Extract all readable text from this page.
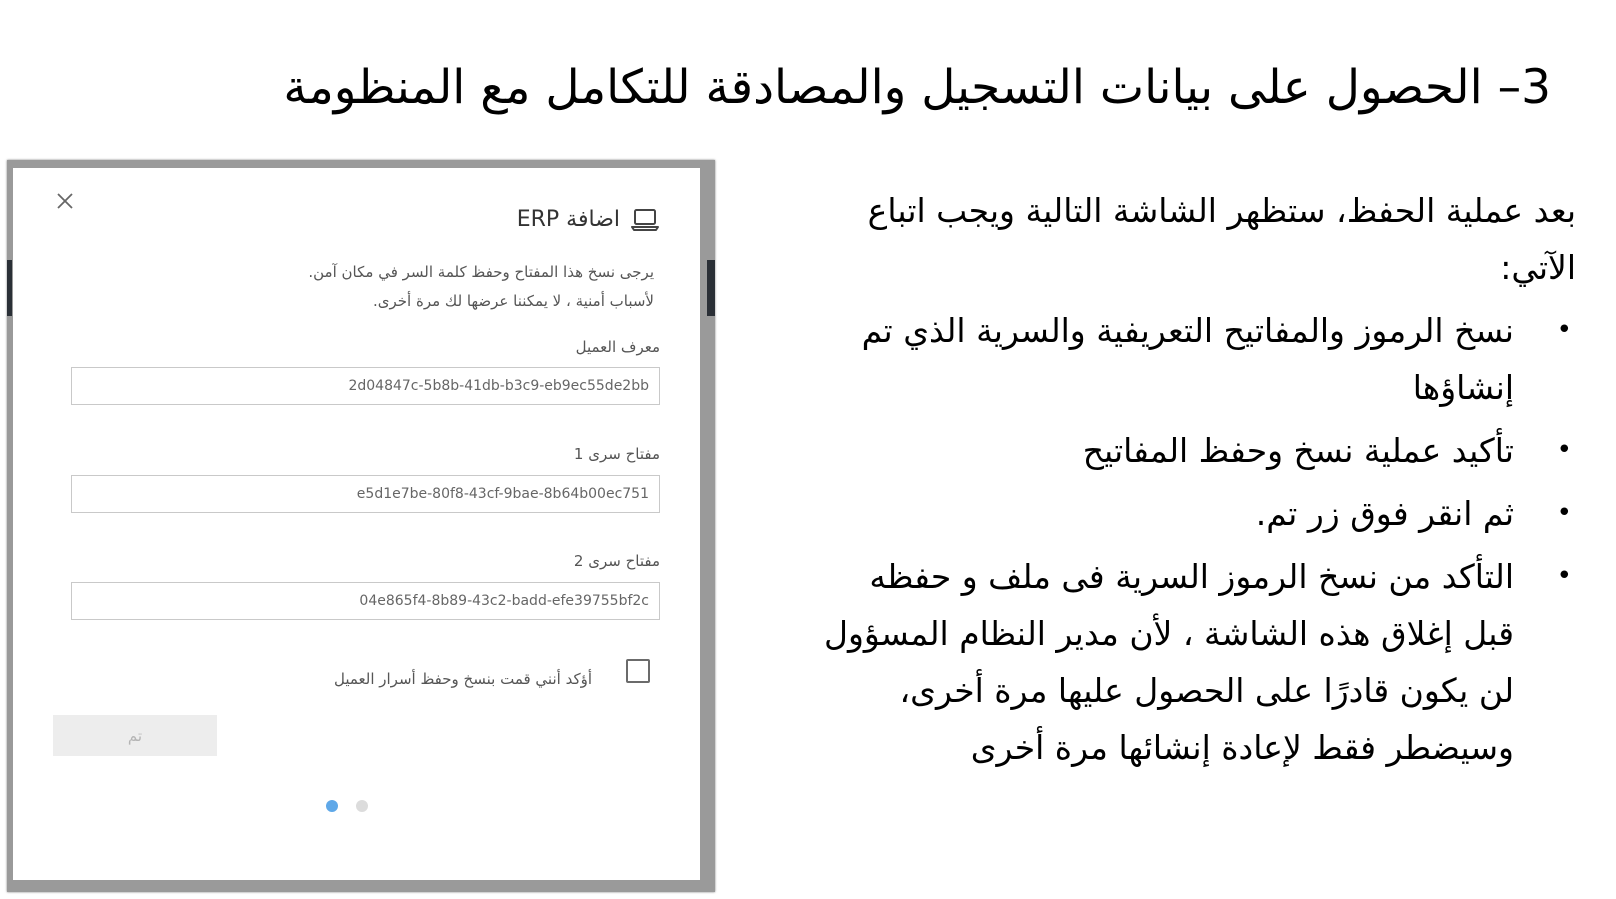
3– الحصول على بيانات التسجيل والمصادقة للتكامل مع المنظومة

بعد عملية الحفظ، ستظهر الشاشة التالية ويجب اتباع الآتي:

•
نسخ الرموز والمفاتيح التعريفية والسرية الذي تم إنشاؤها
•
تأكيد عملية نسخ وحفظ المفاتيح
•
ثم انقر فوق زر تم.
•
التأكد من نسخ الرموز السرية فى ملف و حفظه قبل إغلاق هذه الشاشة ، لأن مدير النظام المسؤول لن يكون قادرًا على الحصول عليها مرة أخرى، وسيضطر فقط لإعادة إنشائها مرة أخرى
اضافة ERP
يرجى نسخ هذا المفتاح وحفظ كلمة السر في مكان آمن.
لأسباب أمنية ، لا يمكننا عرضها لك مرة أخرى.
معرف العميل
2d04847c-5b8b-41db-b3c9-eb9ec55de2bb
مفتاح سرى 1
e5d1e7be-80f8-43cf-9bae-8b64b00ec751
مفتاح سرى 2
04e865f4-8b89-43c2-badd-efe39755bf2c
أؤكد أنني قمت بنسخ وحفظ أسرار العميل
تم
